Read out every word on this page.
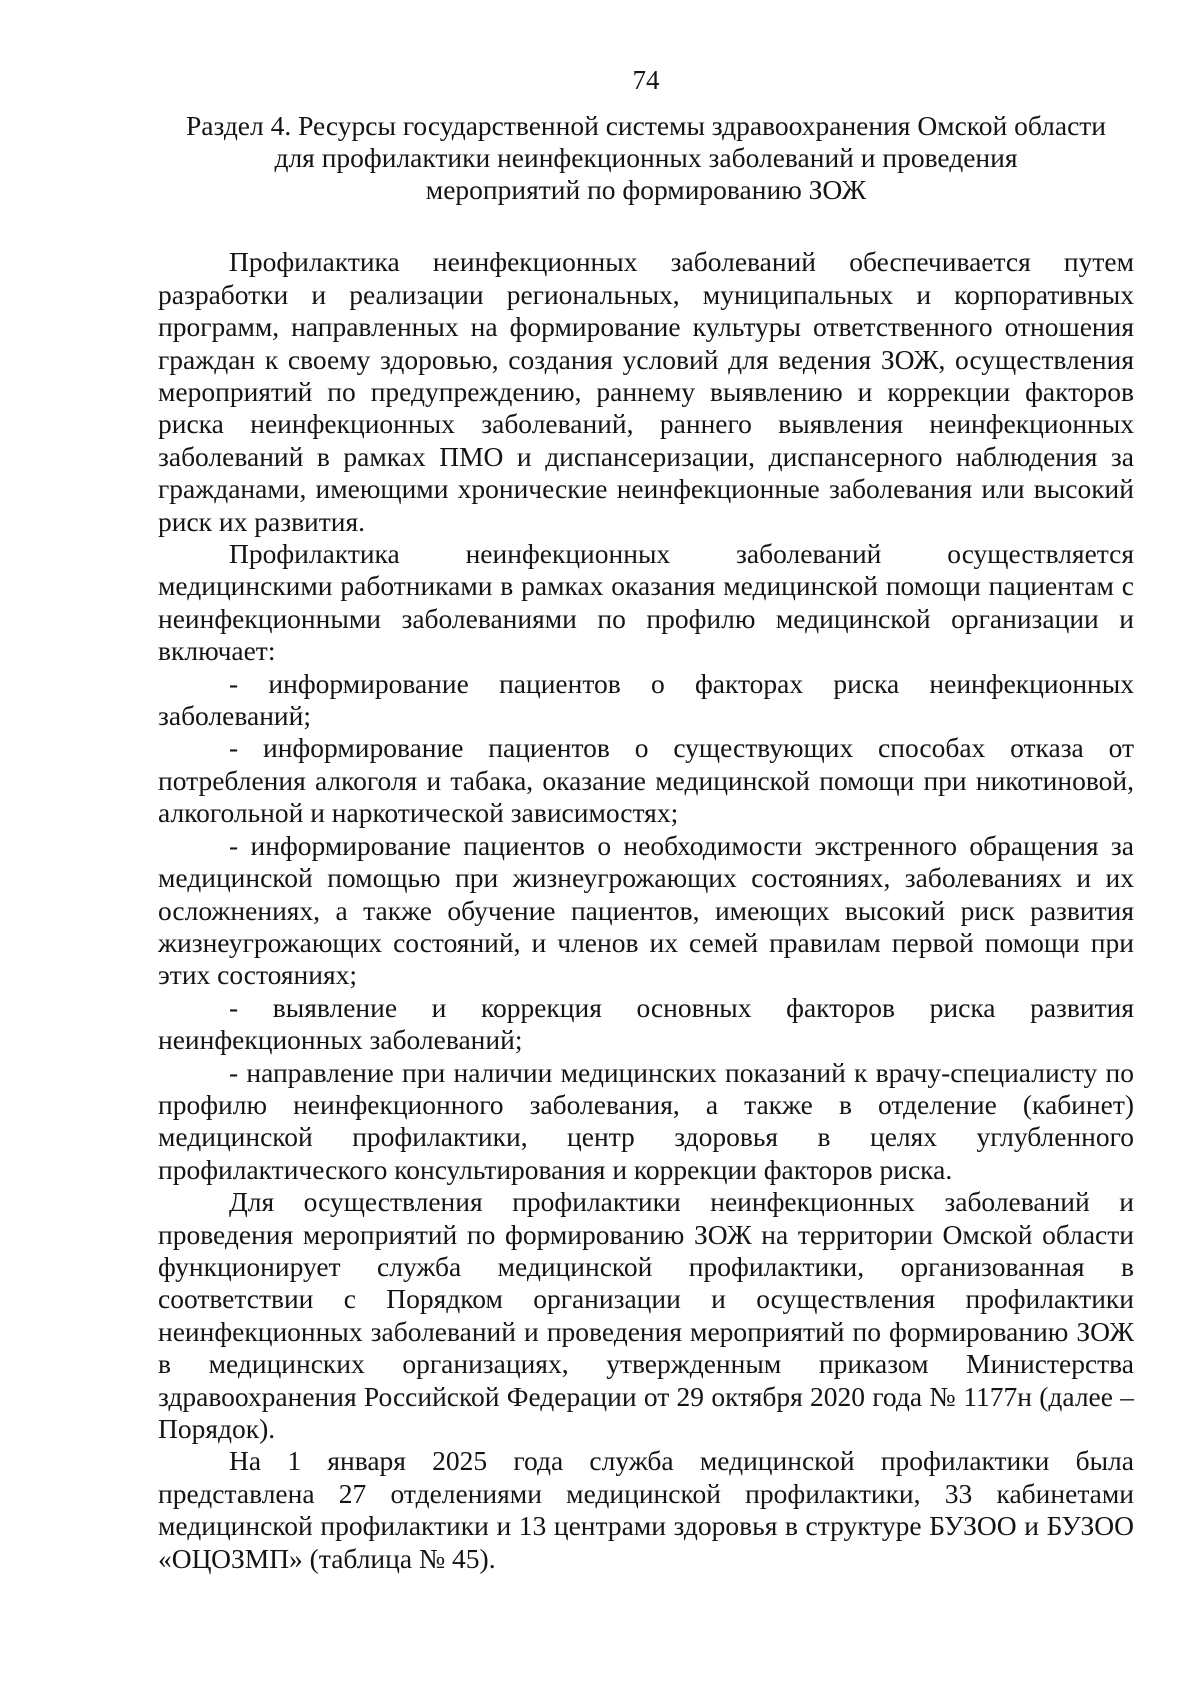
74
Раздел 4. Ресурсы государственной системы здравоохранения Омской области
для профилактики неинфекционных заболеваний и проведения
мероприятий по формированию ЗОЖ

Профилактика неинфекционных заболеваний обеспечивается путем разработки и реализации региональных, муниципальных и корпоративных программ, направленных на формирование культуры ответственного отношения граждан к своему здоровью, создания условий для ведения ЗОЖ, осуществления мероприятий по предупреждению, раннему выявлению и коррекции факторов риска неинфекционных заболеваний, раннего выявления неинфекционных заболеваний в рамках ПМО и диспансеризации, диспансерного наблюдения за гражданами, имеющими хронические неинфекционные заболевания или высокий риск их развития.

Профилактика неинфекционных заболеваний осуществляется медицинскими работниками в рамках оказания медицинской помощи пациентам с неинфекционными заболеваниями по профилю медицинской организации и включает:

- информирование пациентов о факторах риска неинфекционных заболеваний;

- информирование пациентов о существующих способах отказа от потребления алкоголя и табака, оказание медицинской помощи при никотиновой, алкогольной и наркотической зависимостях;

- информирование пациентов о необходимости экстренного обращения за медицинской помощью при жизнеугрожающих состояниях, заболеваниях и их осложнениях, а также обучение пациентов, имеющих высокий риск развития жизнеугрожающих состояний, и членов их семей правилам первой помощи при этих состояниях;

- выявление и коррекция основных факторов риска развития неинфекционных заболеваний;

- направление при наличии медицинских показаний к врачу-специалисту по профилю неинфекционного заболевания, а также в отделение (кабинет) медицинской профилактики, центр здоровья в целях углубленного профилактического консультирования и коррекции факторов риска.

Для осуществления профилактики неинфекционных заболеваний и проведения мероприятий по формированию ЗОЖ на территории Омской области функционирует служба медицинской профилактики, организованная в соответствии с Порядком организации и осуществления профилактики неинфекционных заболеваний и проведения мероприятий по формированию ЗОЖ в медицинских организациях, утвержденным приказом Министерства здравоохранения Российской Федерации от 29 октября 2020 года № 1177н (далее – Порядок).

На 1 января 2025 года служба медицинской профилактики была представлена 27 отделениями медицинской профилактики, 33 кабинетами медицинской профилактики и 13 центрами здоровья в структуре БУЗОО и БУЗОО «ОЦОЗМП» (таблица № 45).
